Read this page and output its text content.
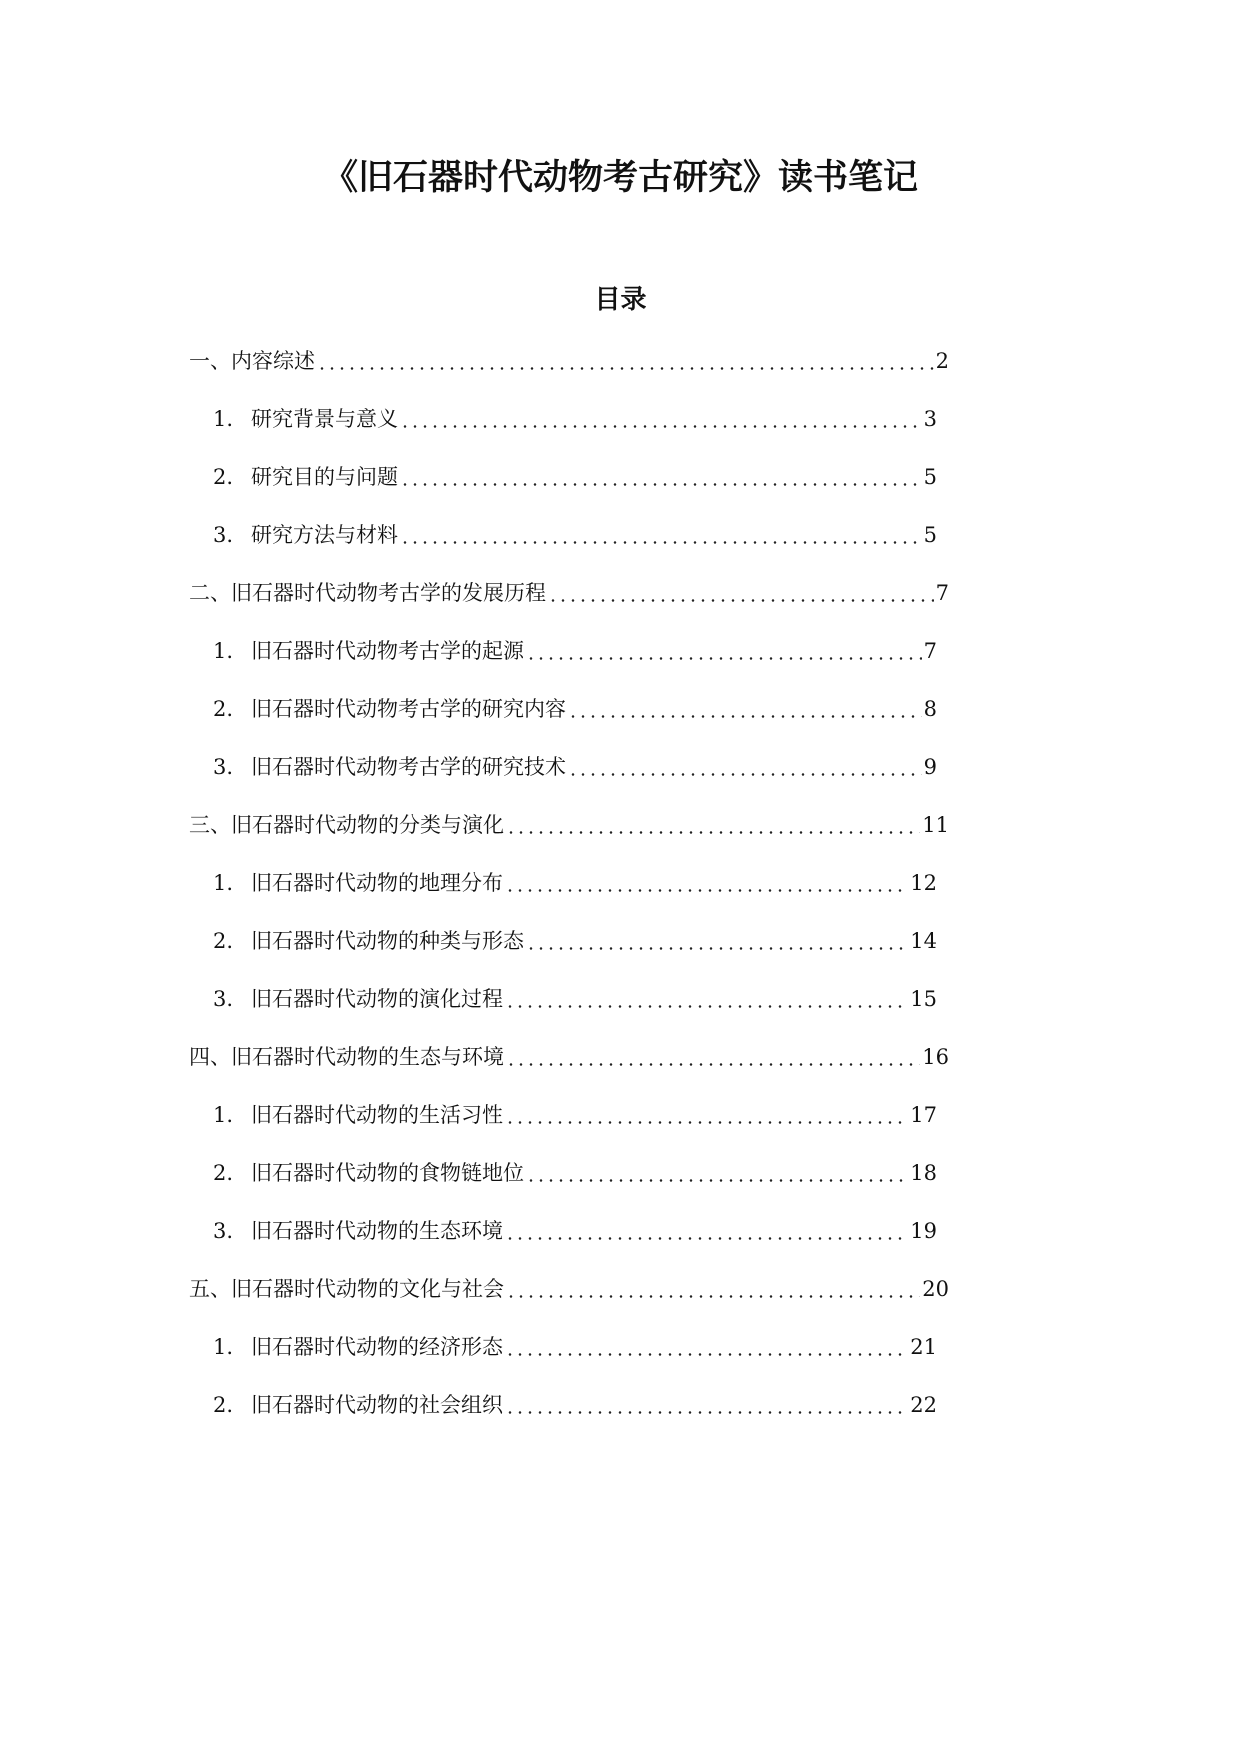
《旧石器时代动物考古研究》读书笔记
目录
一、内容综述	2
1. 研究背景与意义	3
2. 研究目的与问题	5
3. 研究方法与材料	5
二、旧石器时代动物考古学的发展历程	7
1. 旧石器时代动物考古学的起源	7
2. 旧石器时代动物考古学的研究内容	8
3. 旧石器时代动物考古学的研究技术	9
三、旧石器时代动物的分类与演化	11
1. 旧石器时代动物的地理分布	12
2. 旧石器时代动物的种类与形态	14
3. 旧石器时代动物的演化过程	15
四、旧石器时代动物的生态与环境	16
1. 旧石器时代动物的生活习性	17
2. 旧石器时代动物的食物链地位	18
3. 旧石器时代动物的生态环境	19
五、旧石器时代动物的文化与社会	20
1. 旧石器时代动物的经济形态	21
2. 旧石器时代动物的社会组织	22
